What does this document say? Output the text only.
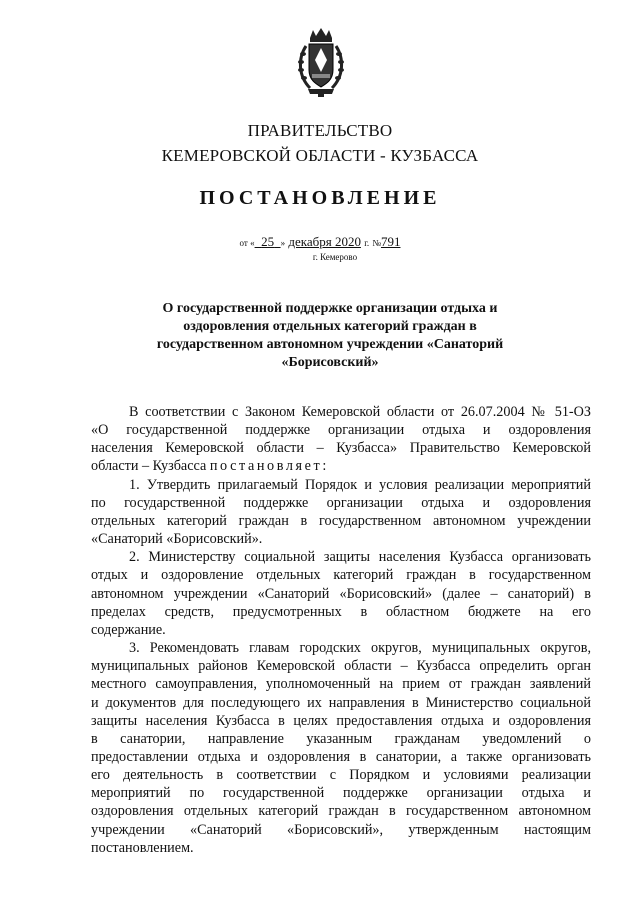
ПРАВИТЕЛЬСТВО
КЕМЕРОВСКОЙ ОБЛАСТИ - КУЗБАССА
ПОСТАНОВЛЕНИЕ
от « 25 » декабря 2020 г. №791
г. Кемерово
О государственной поддержке организации отдыха и
оздоровления отдельных категорий граждан в
государственном автономном учреждении «Санаторий
«Борисовский»

В соответствии с Законом Кемеровской области от 26.07.2004 № 51-ОЗ
«О государственной поддержке организации отдыха и оздоровления
населения Кемеровской области – Кузбасса» Правительство Кемеровской
области – Кузбасса постановляет:

1. Утвердить прилагаемый Порядок и условия реализации мероприятий
по государственной поддержке организации отдыха и оздоровления
отдельных категорий граждан в государственном автономном учреждении
«Санаторий «Борисовский».

2. Министерству социальной защиты населения Кузбасса организовать
отдых и оздоровление отдельных категорий граждан в государственном
автономном учреждении «Санаторий «Борисовский» (далее – санаторий) в
пределах средств, предусмотренных в областном бюджете на его
содержание.

3. Рекомендовать главам городских округов, муниципальных округов,
муниципальных районов Кемеровской области – Кузбасса определить орган
местного самоуправления, уполномоченный на прием от граждан заявлений
и документов для последующего их направления в Министерство социальной
защиты населения Кузбасса в целях предоставления отдыха и оздоровления
в санатории, направление указанным гражданам уведомлений о
предоставлении отдыха и оздоровления в санатории, а также организовать
его деятельность в соответствии с Порядком и условиями реализации
мероприятий по государственной поддержке организации отдыха и
оздоровления отдельных категорий граждан в государственном автономном
учреждении «Санаторий «Борисовский», утвержденным настоящим
постановлением.
